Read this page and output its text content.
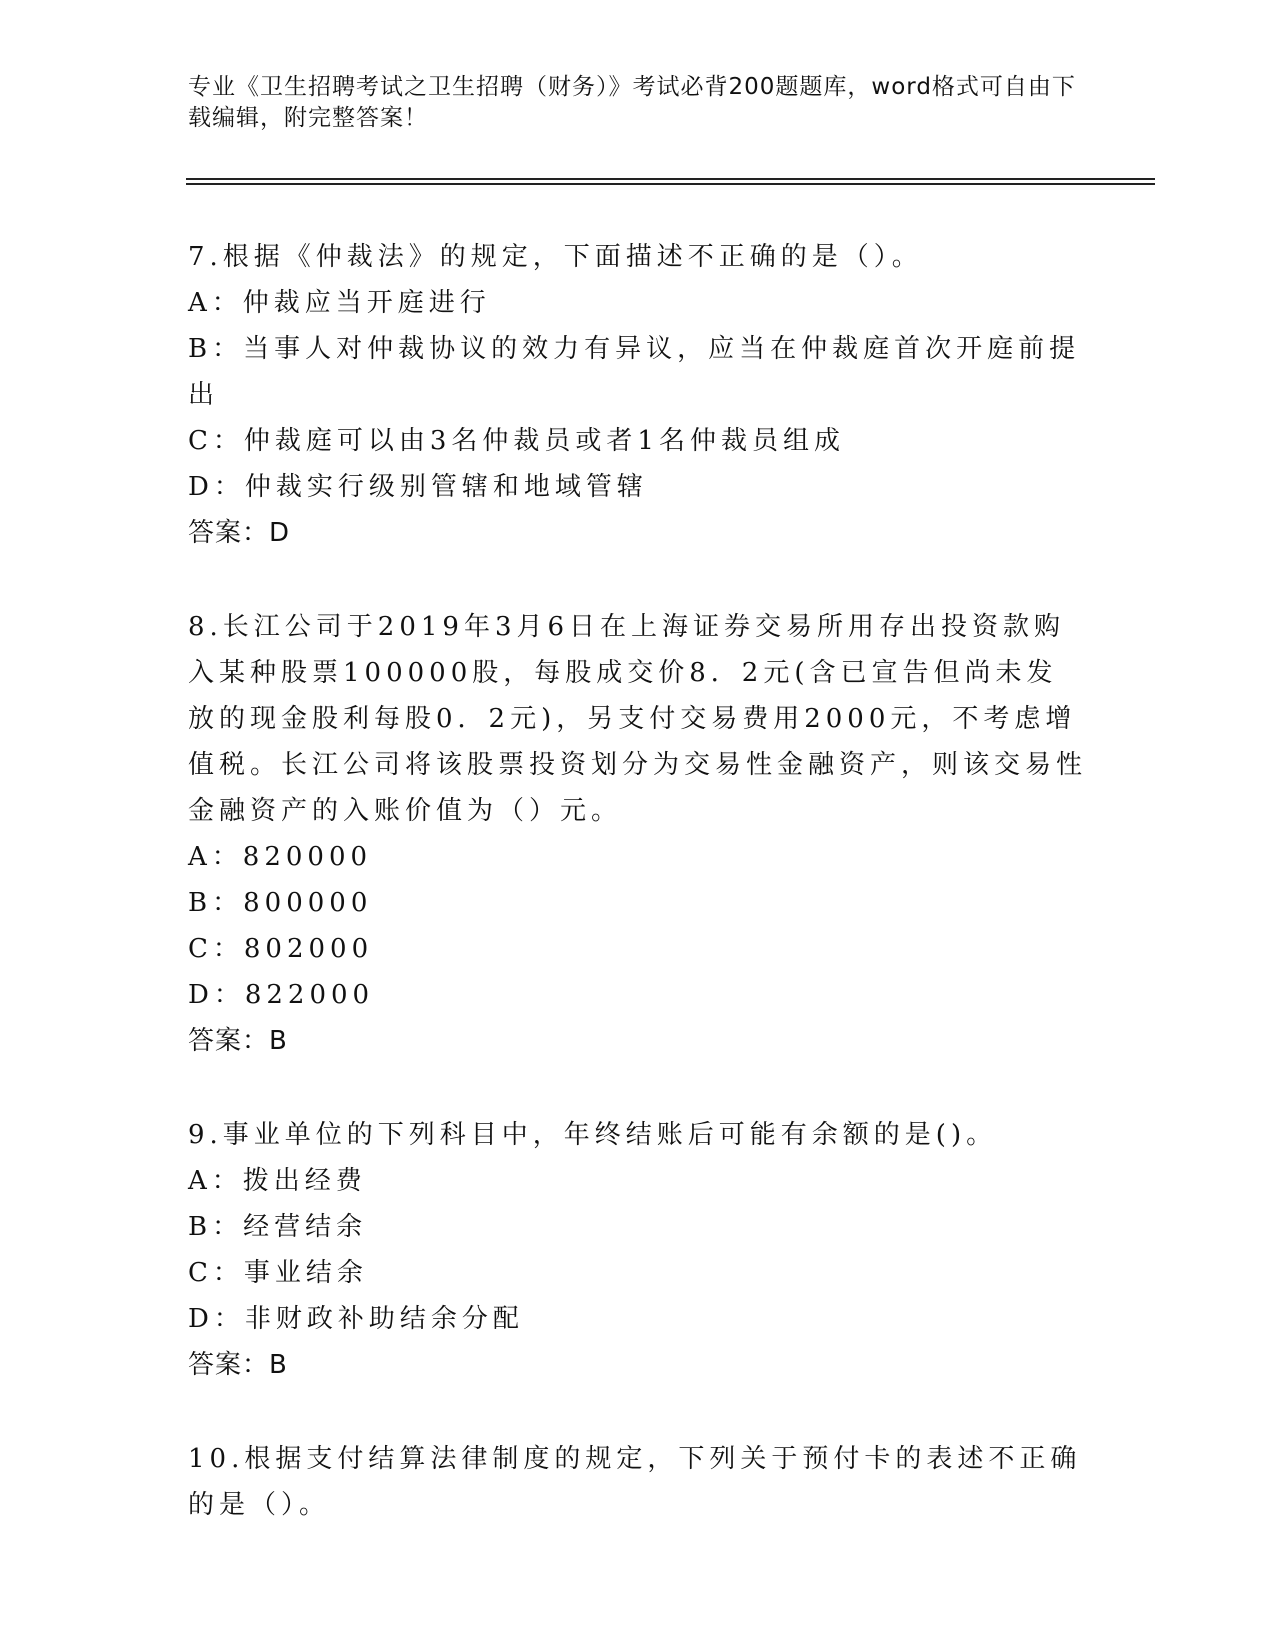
专业《卫生招聘考试之卫生招聘（财务）》考试必背200题题库，word格式可自由下载编辑，附完整答案！

7.根据《仲裁法》的规定，下面描述不正确的是（）。

A：仲裁应当开庭进行

B：当事人对仲裁协议的效力有异议，应当在仲裁庭首次开庭前提出

C：仲裁庭可以由3名仲裁员或者1名仲裁员组成

D：仲裁实行级别管辖和地域管辖

答案：D

8.长江公司于2019年3月6日在上海证券交易所用存出投资款购入某种股票100000股，每股成交价8．2元(含已宣告但尚未发放的现金股利每股0．2元)，另支付交易费用2000元，不考虑增值税。长江公司将该股票投资划分为交易性金融资产，则该交易性金融资产的入账价值为（）元。

A：820000

B：800000

C：802000

D：822000

答案：B

9.事业单位的下列科目中，年终结账后可能有余额的是()。

A：拨出经费

B：经营结余

C：事业结余

D：非财政补助结余分配

答案：B

10.根据支付结算法律制度的规定，下列关于预付卡的表述不正确的是（）。
